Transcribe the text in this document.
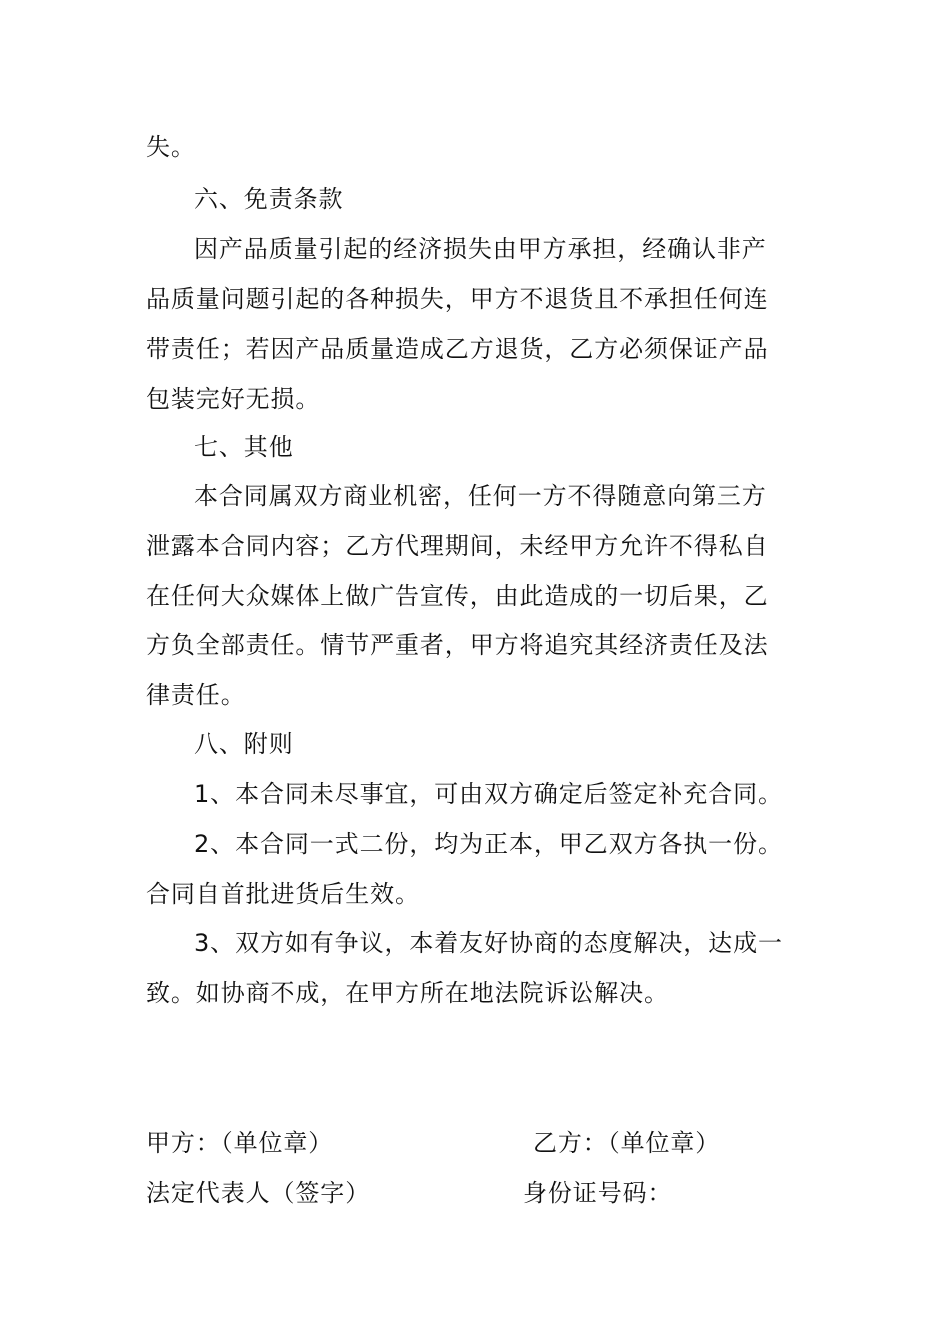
失。
六、免责条款
因产品质量引起的经济损失由甲方承担，经确认非产
品质量问题引起的各种损失，甲方不退货且不承担任何连
带责任；若因产品质量造成乙方退货，乙方必须保证产品
包装完好无损。
七、其他
本合同属双方商业机密，任何一方不得随意向第三方
泄露本合同内容；乙方代理期间，未经甲方允许不得私自
在任何大众媒体上做广告宣传，由此造成的一切后果，乙
方负全部责任。情节严重者，甲方将追究其经济责任及法
律责任。
八、附则
1、本合同未尽事宜，可由双方确定后签定补充合同。
2、本合同一式二份，均为正本，甲乙双方各执一份。
合同自首批进货后生效。
3、双方如有争议，本着友好协商的态度解决，达成一
致。如协商不成，在甲方所在地法院诉讼解决。
甲方：（单位章）	乙方：（单位章）
法定代表人（签字）	身份证号码：
